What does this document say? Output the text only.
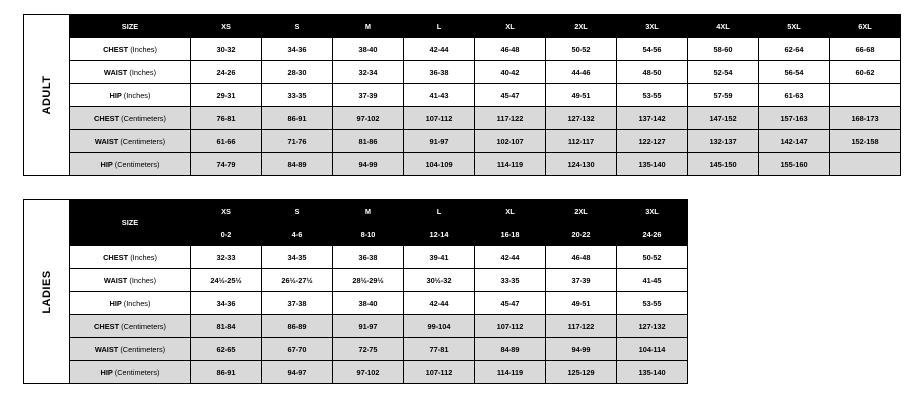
ADULT
SIZE	XS	S	M	L	XL	2XL	3XL	4XL	5XL	6XL
CHEST (Inches)	30-32	34-36	38-40	42-44	46-48	50-52	54-56	58-60	62-64	66-68
WAIST (Inches)	24-26	28-30	32-34	36-38	40-42	44-46	48-50	52-54	56-54	60-62
HIP (Inches)	29-31	33-35	37-39	41-43	45-47	49-51	53-55	57-59	61-63	
CHEST (Centimeters)	76-81	86-91	97-102	107-112	117-122	127-132	137-142	147-152	157-163	168-173
WAIST (Centimeters)	61-66	71-76	81-86	91-97	102-107	112-117	122-127	132-137	142-147	152-158
HIP (Centimeters)	74-79	84-89	94-99	104-109	114-119	124-130	135-140	145-150	155-160	
LADIES
SIZE	XS	S	M	L	XL	2XL	3XL
	0-2	4-6	8-10	12-14	16-18	20-22	24-26
CHEST (Inches)	32-33	34-35	36-38	39-41	42-44	46-48	50-52
WAIST (Inches)	24½-25½	26½-27½	28½-29½	30½-32	33-35	37-39	41-45
HIP (Inches)	34-36	37-38	38-40	42-44	45-47	49-51	53-55
CHEST (Centimeters)	81-84	86-89	91-97	99-104	107-112	117-122	127-132
WAIST (Centimeters)	62-65	67-70	72-75	77-81	84-89	94-99	104-114
HIP (Centimeters)	86-91	94-97	97-102	107-112	114-119	125-129	135-140
